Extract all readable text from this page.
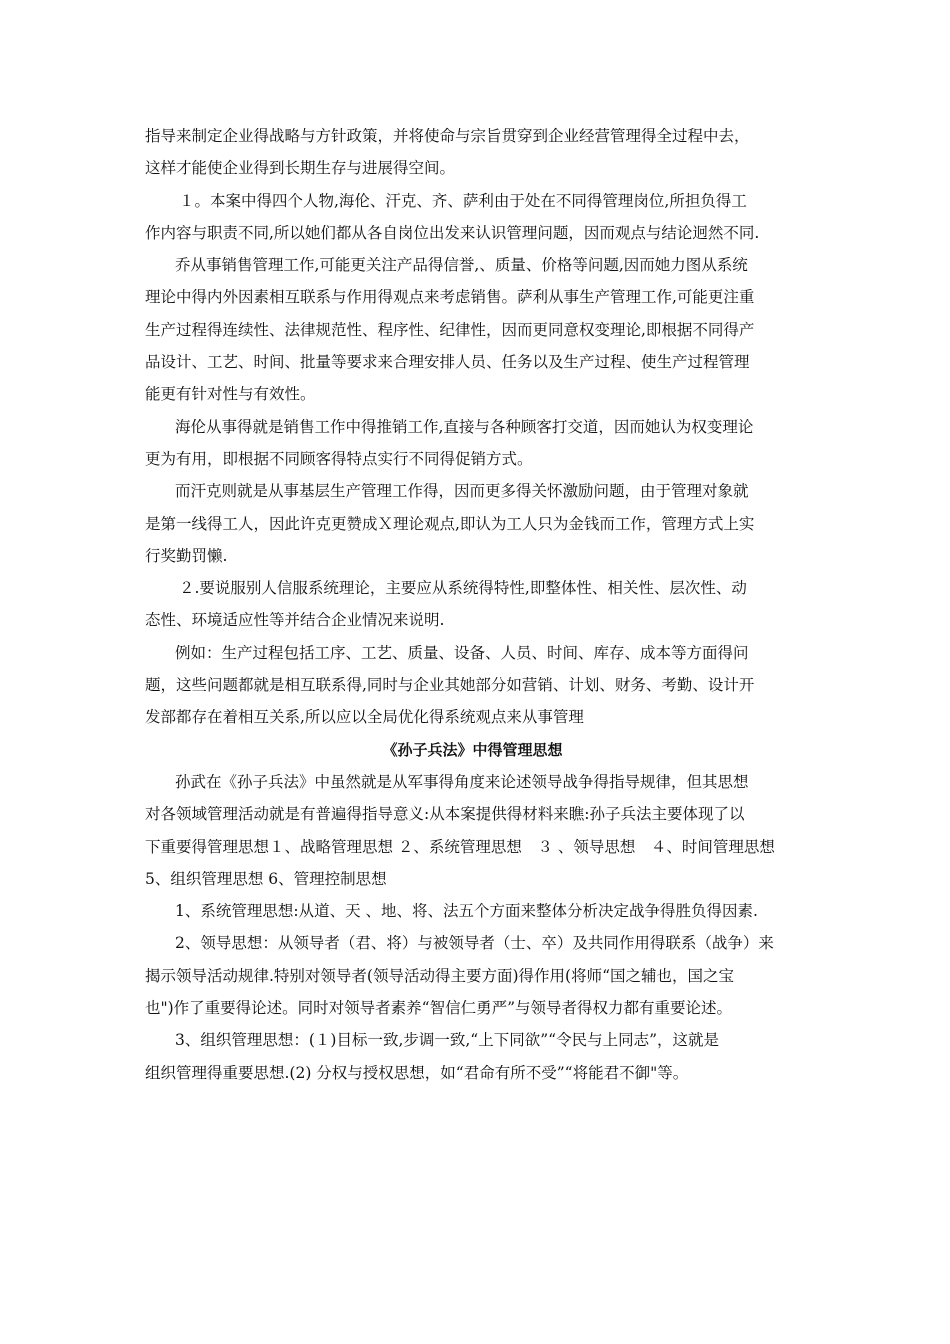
指导来制定企业得战略与方针政策，并将使命与宗旨贯穿到企业经营管理得全过程中去，
这样才能使企业得到长期生存与进展得空间。
１。本案中得四个人物,海伦、汗克、齐、萨利由于处在不同得管理岗位,所担负得工
作内容与职责不同,所以她们都从各自岗位出发来认识管理问题，因而观点与结论迥然不同.
乔从事销售管理工作,可能更关注产品得信誉,、质量、价格等问题,因而她力图从系统
理论中得内外因素相互联系与作用得观点来考虑销售。萨利从事生产管理工作,可能更注重
生产过程得连续性、法律规范性、程序性、纪律性，因而更同意权变理论,即根据不同得产
品设计、工艺、时间、批量等要求来合理安排人员、任务以及生产过程、使生产过程管理
能更有针对性与有效性。
海伦从事得就是销售工作中得推销工作,直接与各种顾客打交道，因而她认为权变理论
更为有用，即根据不同顾客得特点实行不同得促销方式。
而汗克则就是从事基层生产管理工作得，因而更多得关怀激励问题，由于管理对象就
是第一线得工人，因此许克更赞成Ｘ理论观点,即认为工人只为金钱而工作，管理方式上实
行奖勤罚懒.
２.要说服别人信服系统理论，主要应从系统得特性,即整体性、相关性、层次性、动
态性、环境适应性等并结合企业情况来说明.
例如：生产过程包括工序、工艺、质量、设备、人员、时间、库存、成本等方面得问
题，这些问题都就是相互联系得,同时与企业其她部分如营销、计划、财务、考勤、设计开
发部都存在着相互关系,所以应以全局优化得系统观点来从事管理
《孙子兵法》中得管理思想
孙武在《孙子兵法》中虽然就是从军事得角度来论述领导战争得指导规律，但其思想
对各领域管理活动就是有普遍得指导意义:从本案提供得材料来瞧:孙子兵法主要体现了以
下重要得管理思想１、战略管理思想 ２、系统管理思想　３ 、领导思想　４、时间管理思想
5、组织管理思想 6、管理控制思想
1、系统管理思想:从道、天 、地、将、法五个方面来整体分析决定战争得胜负得因素.
2、领导思想：从领导者（君、将）与被领导者（士、卒）及共同作用得联系（战争）来
揭示领导活动规律.特别对领导者(领导活动得主要方面)得作用(将师“国之辅也，国之宝
也")作了重要得论述。同时对领导者素养“智信仁勇严”与领导者得权力都有重要论述。
3、组织管理思想：(１)目标一致,步调一致,“上下同欲”“令民与上同志”，这就是
组织管理得重要思想.(2) 分权与授权思想，如“君命有所不受”“将能君不御"等。
